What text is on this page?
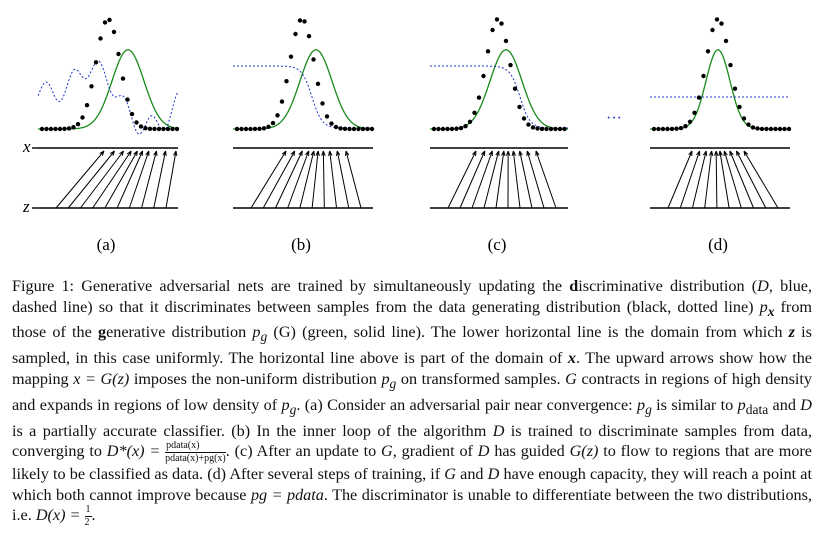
(a)	(b)	(c)	(d)
x
z
···

Figure 1: Generative adversarial nets are trained by simultaneously updating the discriminative distribution (D, blue, dashed line) so that it discriminates between samples from the data generating distribution (black, dotted line) $p_x$ from those of the generative distribution $p_g$ (G) (green, solid line). The lower horizontal line is the domain from which z is sampled, in this case uniformly. The horizontal line above is part of the domain of x. The upward arrows show how the mapping x = G(z) imposes the non-uniform distribution $p_g$ on transformed samples. G contracts in regions of high density and expands in regions of low density of $p_g$. (a) Consider an adversarial pair near convergence: $p_g$ is similar to $p_{data}$ and D is a partially accurate classifier. (b) In the inner loop of the algorithm D is trained to discriminate samples from data, converging to $D*(x) = \frac{\text{pdata(x)}}{\text{pdata(x)+pg(x)}}$ . (c) After an update to G, gradient of D has guided G(z) to flow to regions that are more likely to be classified as data. (d) After several steps of training, if G and D have enough capacity, they will reach a point at which both cannot improve because pg = pdata. The discriminator is unable to differentiate between the two distributions, i.e. $D(x) = \frac{1}{2}$ .
